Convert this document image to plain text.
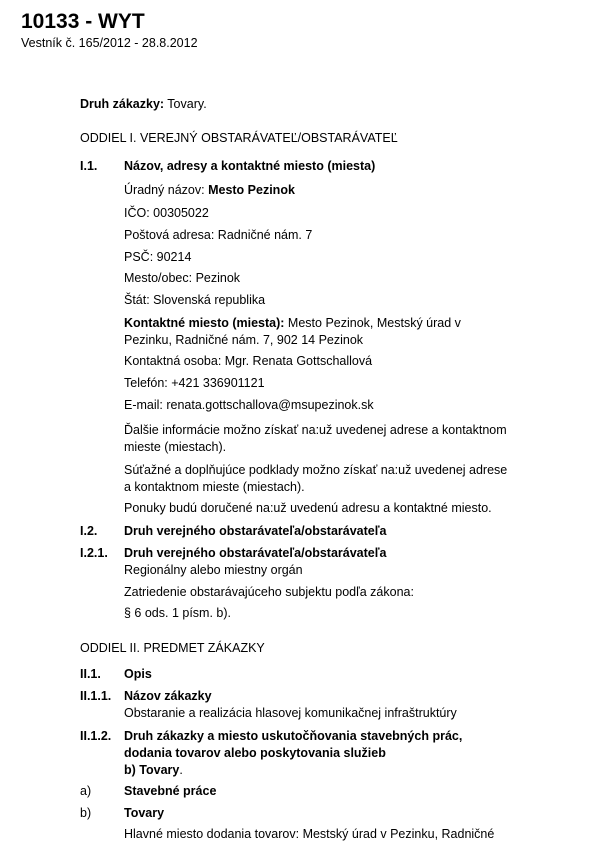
10133 - WYT

Vestník č. 165/2012 - 28.8.2012

Druh zákazky: Tovary.
ODDIEL I. VEREJNÝ OBSTARÁVATEĽ/OBSTARÁVATEĽ
I.1. Názov, adresy a kontaktné miesto (miesta)
Úradný názov: Mesto Pezinok
IČO: 00305022
Poštová adresa: Radničné nám. 7
PSČ: 90214
Mesto/obec: Pezinok
Štát: Slovenská republika
Kontaktné miesto (miesta): Mesto Pezinok, Mestský úrad v
Pezinku, Radničné nám. 7, 902 14 Pezinok
Kontaktná osoba: Mgr. Renata Gottschallová
Telefón: +421 336901121
E-mail: renata.gottschallova@msupezinok.sk
Ďalšie informácie možno získať na:už uvedenej adrese a kontaktnom
mieste (miestach).
Súťažné a doplňujúce podklady možno získať na:už uvedenej adrese
a kontaktnom mieste (miestach).
Ponuky budú doručené na:už uvedenú adresu a kontaktné miesto.
I.2. Druh verejného obstarávateľa/obstarávateľa
I.2.1. Druh verejného obstarávateľa/obstarávateľa
Regionálny alebo miestny orgán
Zatriedenie obstarávajúceho subjektu podľa zákona:
§ 6 ods. 1 písm. b).
ODDIEL II. PREDMET ZÁKAZKY
II.1. Opis
II.1.1. Názov zákazky
Obstaranie a realizácia hlasovej komunikačnej infraštruktúry
II.1.2. Druh zákazky a miesto uskutočňovania stavebných prác,
dodania tovarov alebo poskytovania služieb
b) Tovary.
a)	Stavebné práce
b)	Tovary
Hlavné miesto dodania tovarov: Mestský úrad v Pezinku, Radničné
